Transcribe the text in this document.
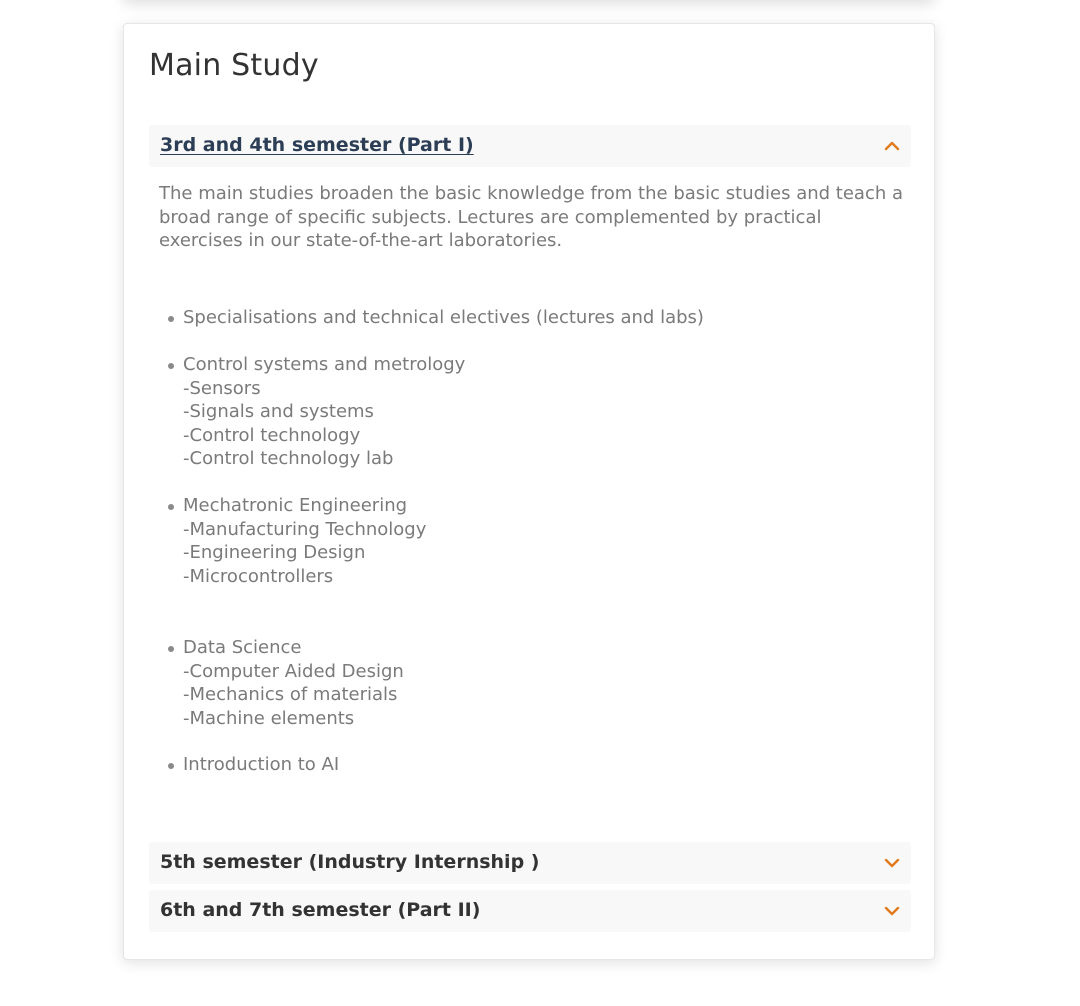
Main Study
3rd and 4th semester (Part I)

The main studies broaden the basic knowledge from the basic studies and teach a broad range of specific subjects. Lectures are complemented by practical exercises in our state-of-the-art laboratories.

Specialisations and technical electives (lectures and labs)
Control systems and metrology
-Sensors
-Signals and systems
-Control technology
-Control technology lab
Mechatronic Engineering
-Manufacturing Technology
-Engineering Design
-Microcontrollers
Data Science
-Computer Aided Design
-Mechanics of materials
-Machine elements
Introduction to AI
5th semester (Industry Internship )
6th and 7th semester (Part II)
